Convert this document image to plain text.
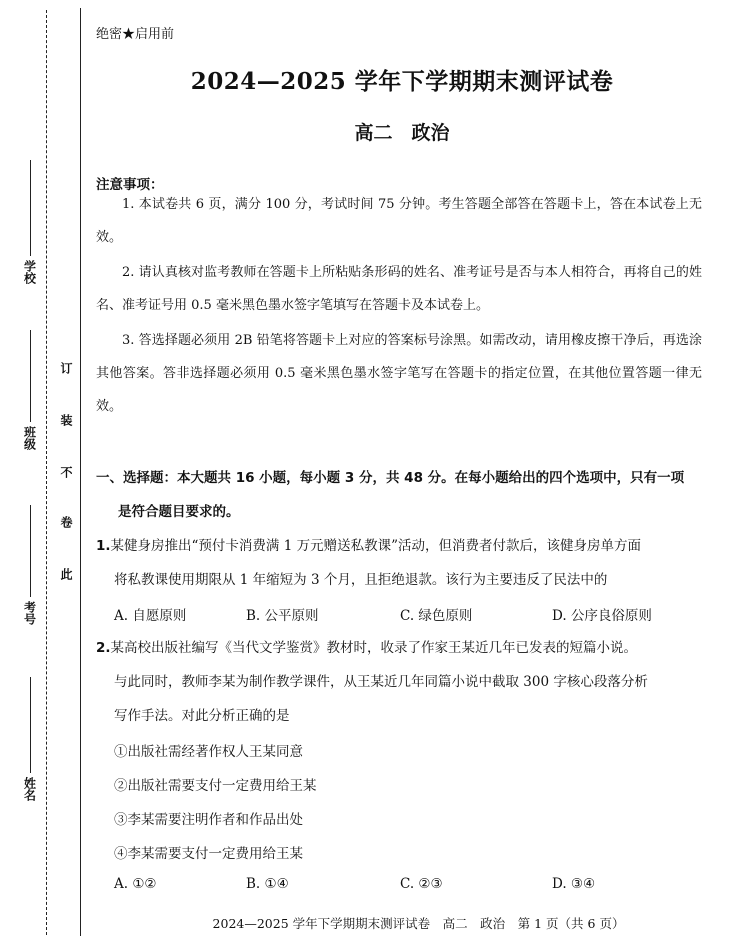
学校
班级
考号
姓名
订
装
不
卷
此
绝密★启用前
2024—2025 学年下学期期末测评试卷
高二　政治
注意事项：
1. 本试卷共 6 页，满分 100 分，考试时间 75 分钟。考生答题全部答在答题卡上，答在本试卷上无效。
2. 请认真核对监考教师在答题卡上所粘贴条形码的姓名、准考证号是否与本人相符合，再将自己的姓名、准考证号用 0.5 毫米黑色墨水签字笔填写在答题卡及本试卷上。
3. 答选择题必须用 2B 铅笔将答题卡上对应的答案标号涂黑。如需改动，请用橡皮擦干净后，再选涂其他答案。答非选择题必须用 0.5 毫米黑色墨水签字笔写在答题卡的指定位置，在其他位置答题一律无效。
一、选择题：本大题共 16 小题，每小题 3 分，共 48 分。在每小题给出的四个选项中，只有一项
是符合题目要求的。
1.某健身房推出“预付卡消费满 1 万元赠送私教课”活动，但消费者付款后，该健身房单方面
将私教课使用期限从 1 年缩短为 3 个月，且拒绝退款。该行为主要违反了民法中的
A. 自愿原则	B. 公平原则	C. 绿色原则	D. 公序良俗原则
2.某高校出版社编写《当代文学鉴赏》教材时，收录了作家王某近几年已发表的短篇小说。
与此同时，教师李某为制作教学课件，从王某近几年同篇小说中截取 300 字核心段落分析
写作手法。对此分析正确的是
①出版社需经著作权人王某同意
②出版社需要支付一定费用给王某
③李某需要注明作者和作品出处
④李某需要支付一定费用给王某
A. ①②	B. ①④	C. ②③	D. ③④
2024—2025 学年下学期期末测评试卷　高二　政治　第 1 页（共 6 页）
